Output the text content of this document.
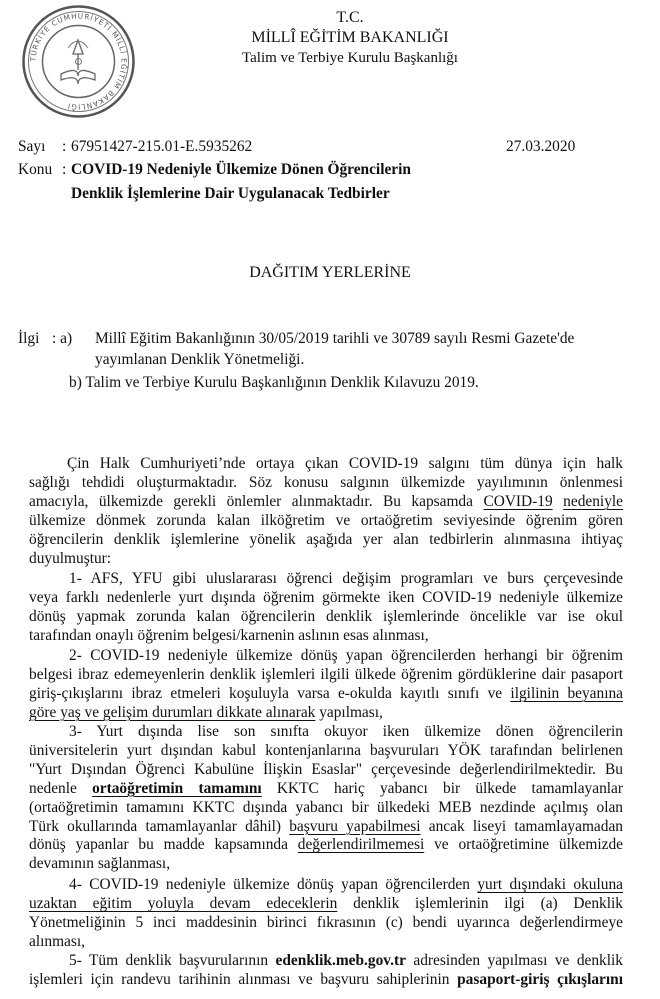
TÜRKİYE CUMHURİYETİ MİLLÎ EĞİTİM BAKANLIĞI
T.C.
MİLLÎ EĞİTİM BAKANLIĞI
Talim ve Terbiye Kurulu Başkanlığı
Sayı : 67951427-215.01-E.5935262	27.03.2020
Konu : COVID-19 Nedeniyle Ülkemize Dönen Öğrencilerin
Denklik İşlemlerine Dair Uygulanacak Tedbirler
DAĞITIM YERLERİNE
İlgi : a) Millî Eğitim Bakanlığının 30/05/2019 tarihli ve 30789 sayılı Resmi Gazete'de
yayımlanan Denklik Yönetmeliği.
b) Talim ve Terbiye Kurulu Başkanlığının Denklik Kılavuzu 2019.
Çin Halk Cumhuriyeti’nde ortaya çıkan COVID-19 salgını tüm dünya için halk
sağlığı tehdidi oluşturmaktadır. Söz konusu salgının ülkemizde yayılımının önlenmesi
amacıyla, ülkemizde gerekli önlemler alınmaktadır. Bu kapsamda COVID-19 nedeniyle
ülkemize dönmek zorunda kalan ilköğretim ve ortaöğretim seviyesinde öğrenim gören
öğrencilerin denklik işlemlerine yönelik aşağıda yer alan tedbirlerin alınmasına ihtiyaç
duyulmuştur:
1- AFS, YFU gibi uluslararası öğrenci değişim programları ve burs çerçevesinde
veya farklı nedenlerle yurt dışında öğrenim görmekte iken COVID-19 nedeniyle ülkemize
dönüş yapmak zorunda kalan öğrencilerin denklik işlemlerinde öncelikle var ise okul
tarafından onaylı öğrenim belgesi/karnenin aslının esas alınması,
2- COVID-19 nedeniyle ülkemize dönüş yapan öğrencilerden herhangi bir öğrenim
belgesi ibraz edemeyenlerin denklik işlemleri ilgili ülkede öğrenim gördüklerine dair pasaport
giriş-çıkışlarını ibraz etmeleri koşuluyla varsa e-okulda kayıtlı sınıfı ve ilgilinin beyanına
göre yaş ve gelişim durumları dikkate alınarak yapılması,
3- Yurt dışında lise son sınıfta okuyor iken ülkemize dönen öğrencilerin
üniversitelerin yurt dışından kabul kontenjanlarına başvuruları YÖK tarafından belirlenen
"Yurt Dışından Öğrenci Kabulüne İlişkin Esaslar" çerçevesinde değerlendirilmektedir. Bu
nedenle ortaöğretimin tamamını KKTC hariç yabancı bir ülkede tamamlayanlar
(ortaöğretimin tamamını KKTC dışında yabancı bir ülkedeki MEB nezdinde açılmış olan
Türk okullarında tamamlayanlar dâhil) başvuru yapabilmesi ancak liseyi tamamlayamadan
dönüş yapanlar bu madde kapsamında değerlendirilmemesi ve ortaöğretimine ülkemizde
devamının sağlanması,
4- COVID-19 nedeniyle ülkemize dönüş yapan öğrencilerden yurt dışındaki okuluna
uzaktan eğitim yoluyla devam edeceklerin denklik işlemlerinin ilgi (a) Denklik
Yönetmeliğinin 5 inci maddesinin birinci fıkrasının (c) bendi uyarınca değerlendirmeye
alınması,
5- Tüm denklik başvurularının edenklik.meb.gov.tr adresinden yapılması ve denklik
işlemleri için randevu tarihinin alınması ve başvuru sahiplerinin pasaport-giriş çıkışlarını
